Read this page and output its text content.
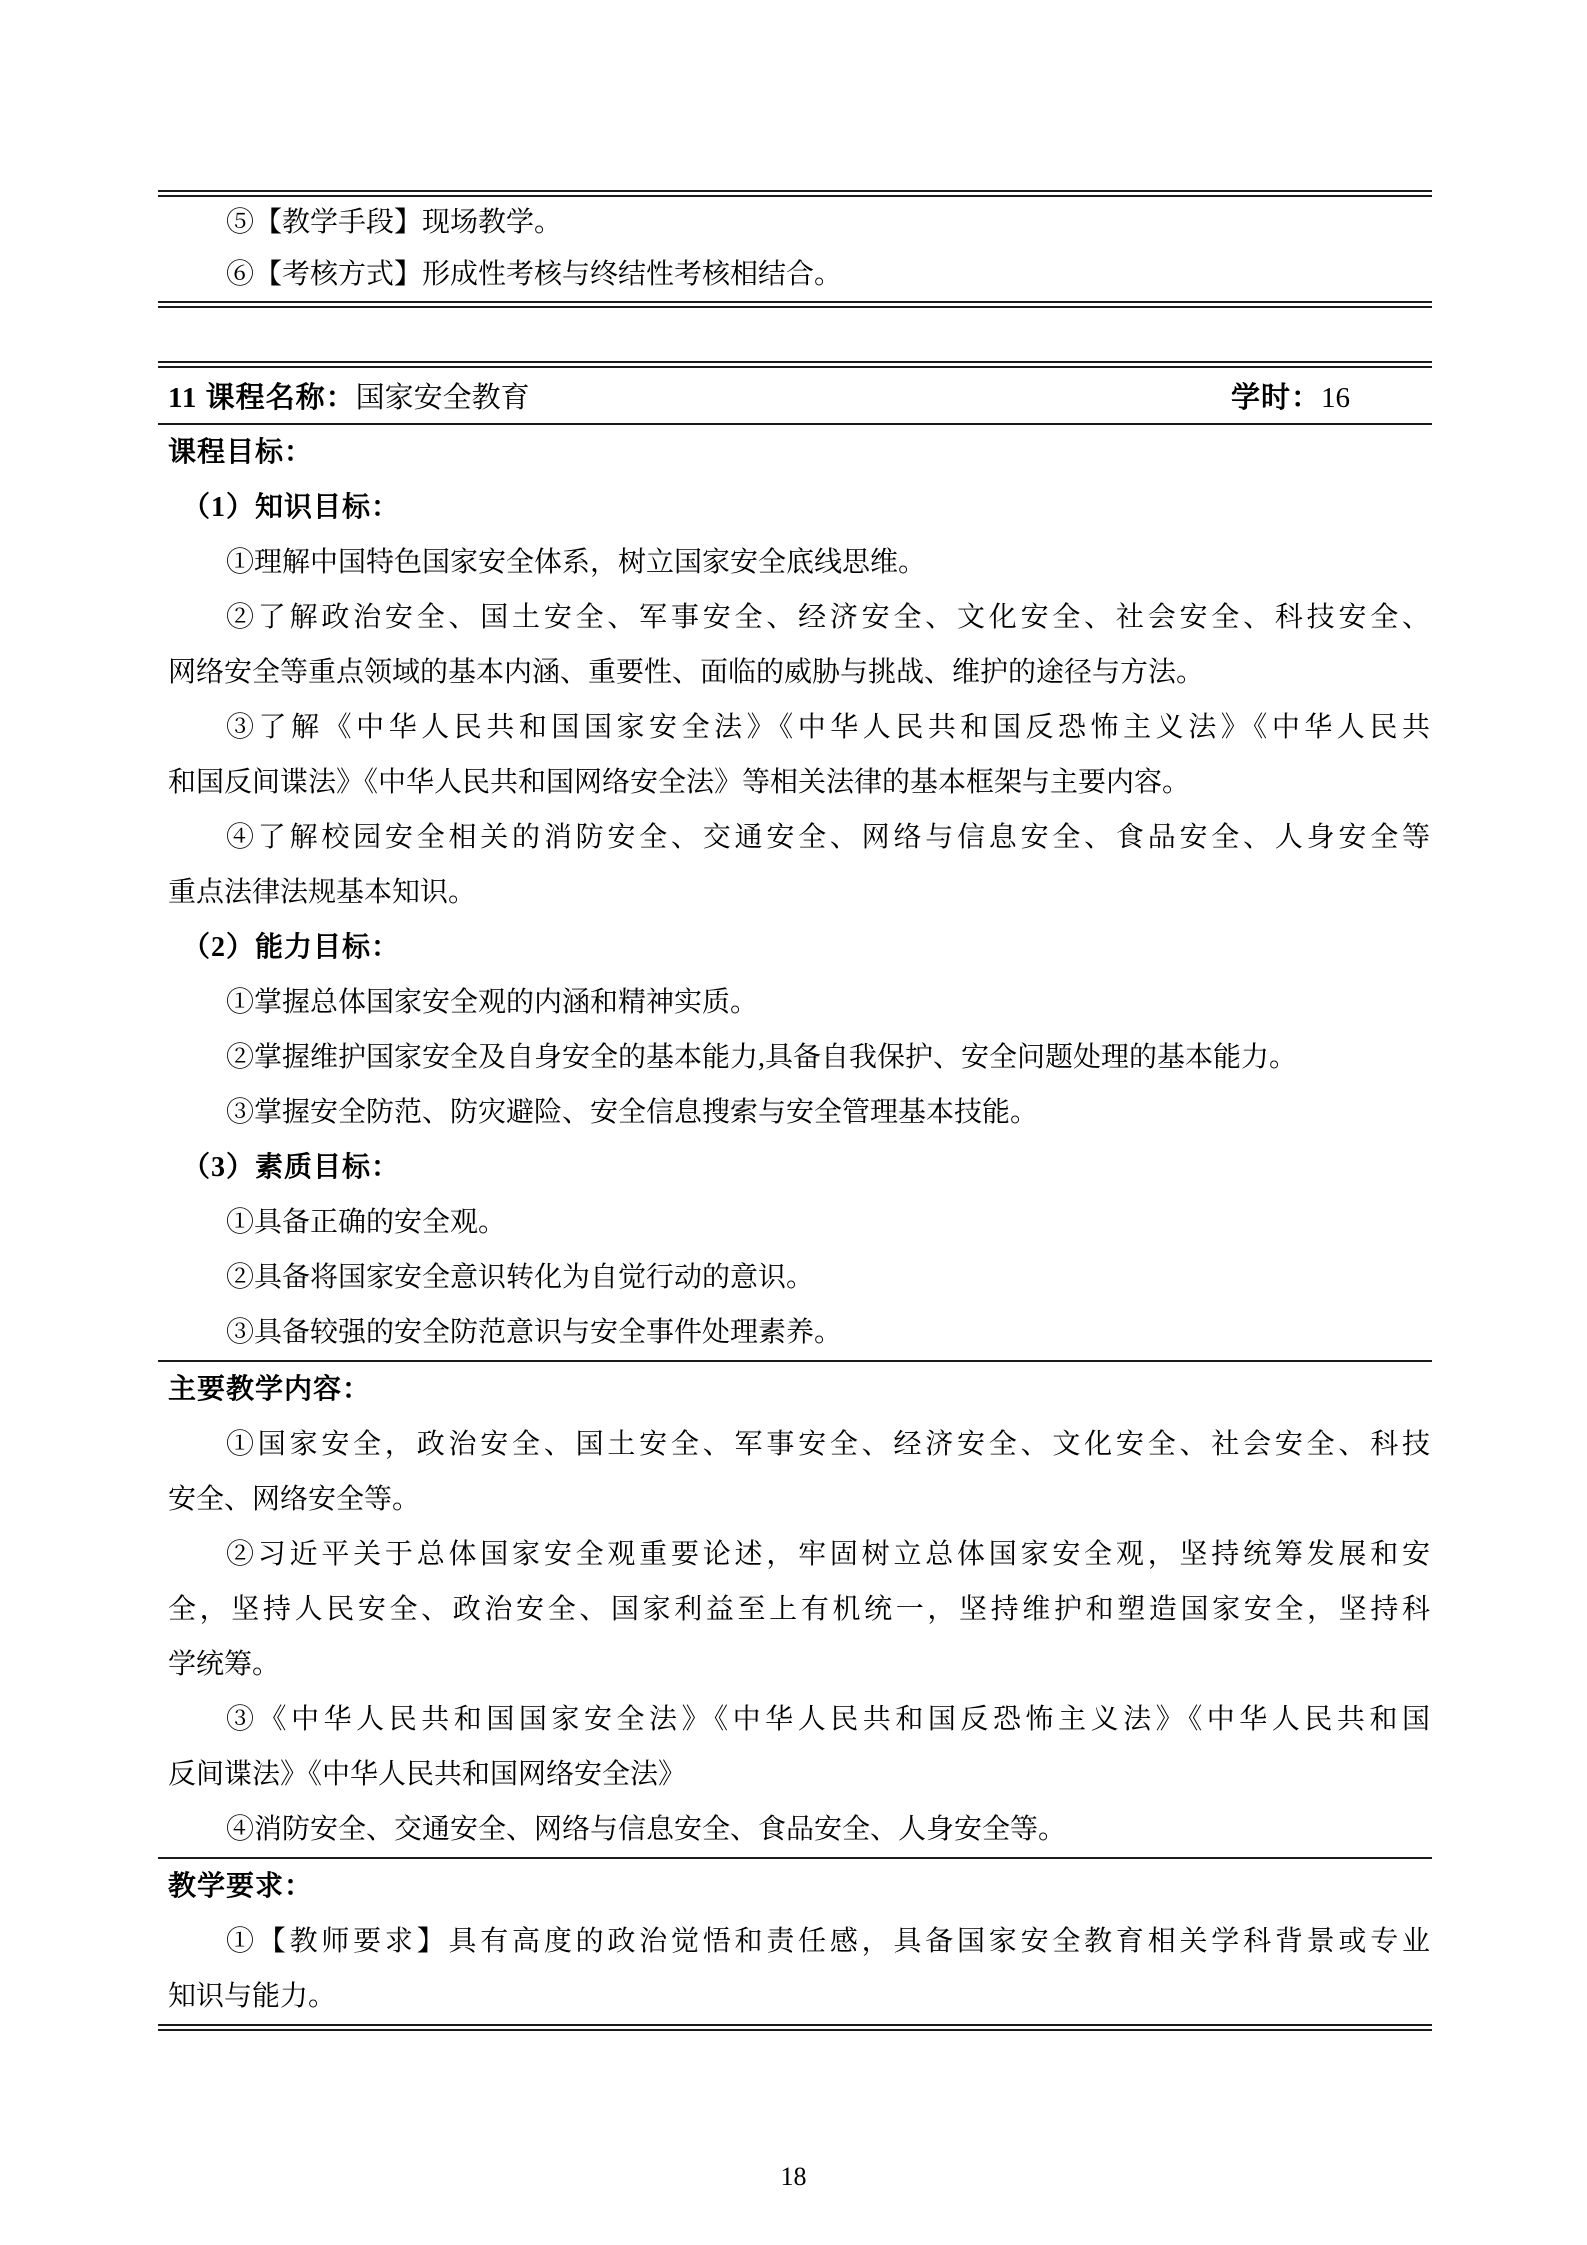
⑤【教学手段】现场教学。
⑥【考核方式】形成性考核与终结性考核相结合。
11 课程名称：国家安全教育	学时：16
课程目标：
（1）知识目标：
①理解中国特色国家安全体系，树立国家安全底线思维。
②了解政治安全、国土安全、军事安全、经济安全、文化安全、社会安全、科技安全、
网络安全等重点领域的基本内涵、重要性、面临的威胁与挑战、维护的途径与方法。
③了解《中华人民共和国国家安全法》《中华人民共和国反恐怖主义法》《中华人民共
和国反间谍法》《中华人民共和国网络安全法》等相关法律的基本框架与主要内容。
④了解校园安全相关的消防安全、交通安全、网络与信息安全、食品安全、人身安全等
重点法律法规基本知识。
（2）能力目标：
①掌握总体国家安全观的内涵和精神实质。
②掌握维护国家安全及自身安全的基本能力,具备自我保护、安全问题处理的基本能力。
③掌握安全防范、防灾避险、安全信息搜索与安全管理基本技能。
（3）素质目标：
①具备正确的安全观。
②具备将国家安全意识转化为自觉行动的意识。
③具备较强的安全防范意识与安全事件处理素养。
主要教学内容：
①国家安全，政治安全、国土安全、军事安全、经济安全、文化安全、社会安全、科技
安全、网络安全等。
②习近平关于总体国家安全观重要论述，牢固树立总体国家安全观，坚持统筹发展和安
全，坚持人民安全、政治安全、国家利益至上有机统一，坚持维护和塑造国家安全，坚持科
学统筹。
③《中华人民共和国国家安全法》《中华人民共和国反恐怖主义法》《中华人民共和国
反间谍法》《中华人民共和国网络安全法》
④消防安全、交通安全、网络与信息安全、食品安全、人身安全等。
教学要求：
①【教师要求】具有高度的政治觉悟和责任感，具备国家安全教育相关学科背景或专业
知识与能力。
18
